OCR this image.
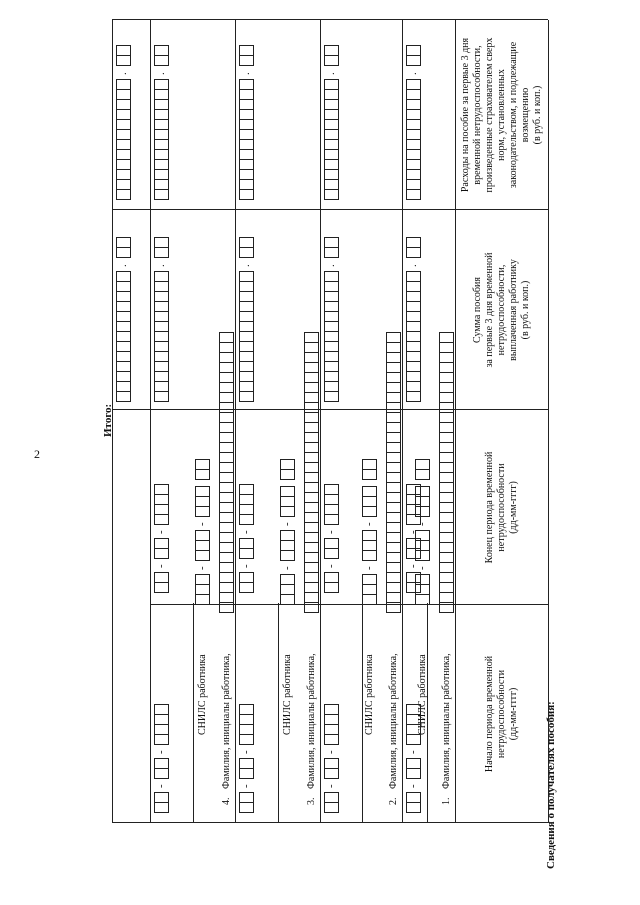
2
Сведения о получателях пособия:
Начало периода временной нетрудоспособности (дд-мм-гггг)
Конец периода временной нетрудоспособности (дд-мм-гггг)
Сумма пособия за первые 3 дня временной нетрудоспособности, выплаченная работнику (в руб. и коп.)
Расходы на пособие за первые 3 дня временной нетрудоспособности, произведенные страхователем сверх норм, установленных законодательством, и подлежащие возмещению (в руб. и коп.)
1.
Фамилия, инициалы работника,
СНИЛС работника
-
-
-
-
-
-
.
.
2.
Фамилия, инициалы работника,
СНИЛС работника
-
-
-
-
-
-
.
.
3.
Фамилия, инициалы работника,
СНИЛС работника
-
-
-
-
-
-
.
.
4.
Фамилия, инициалы работника,
СНИЛС работника
-
-
-
-
-
-
.
.
.
.
Итого:
